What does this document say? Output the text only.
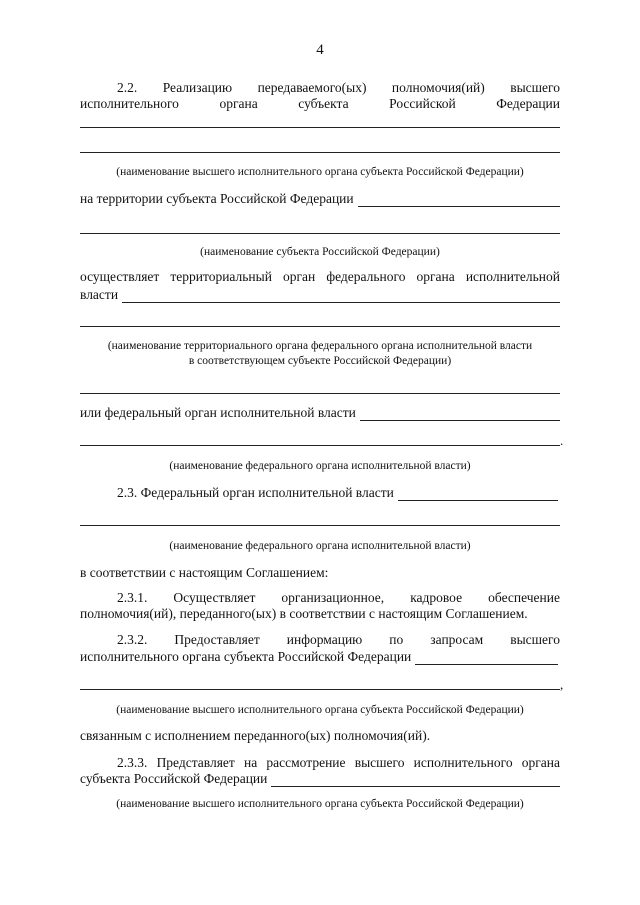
4
2.2. Реализацию передаваемого(ых) полномочия(ий) высшего
исполнительного органа субъекта Российской Федерации
(наименование высшего исполнительного органа субъекта Российской Федерации)
на территории субъекта Российской Федерации
(наименование субъекта Российской Федерации)
осуществляет территориальный орган федерального органа исполнительной
власти
(наименование территориального органа федерального органа исполнительной власти
в соответствующем субъекте Российской Федерации)
или федеральный орган исполнительной власти
.
(наименование федерального органа исполнительной власти)
2.3. Федеральный орган исполнительной власти
(наименование федерального органа исполнительной власти)
в соответствии с настоящим Соглашением:
2.3.1. Осуществляет организационное, кадровое обеспечение
полномочия(ий), переданного(ых) в соответствии с настоящим Соглашением.
2.3.2. Предоставляет информацию по запросам высшего
исполнительного органа субъекта Российской Федерации
,
(наименование высшего исполнительного органа субъекта Российской Федерации)
связанным с исполнением переданного(ых) полномочия(ий).
2.3.3. Представляет на рассмотрение высшего исполнительного органа
субъекта Российской Федерации
(наименование высшего исполнительного органа субъекта Российской Федерации)
